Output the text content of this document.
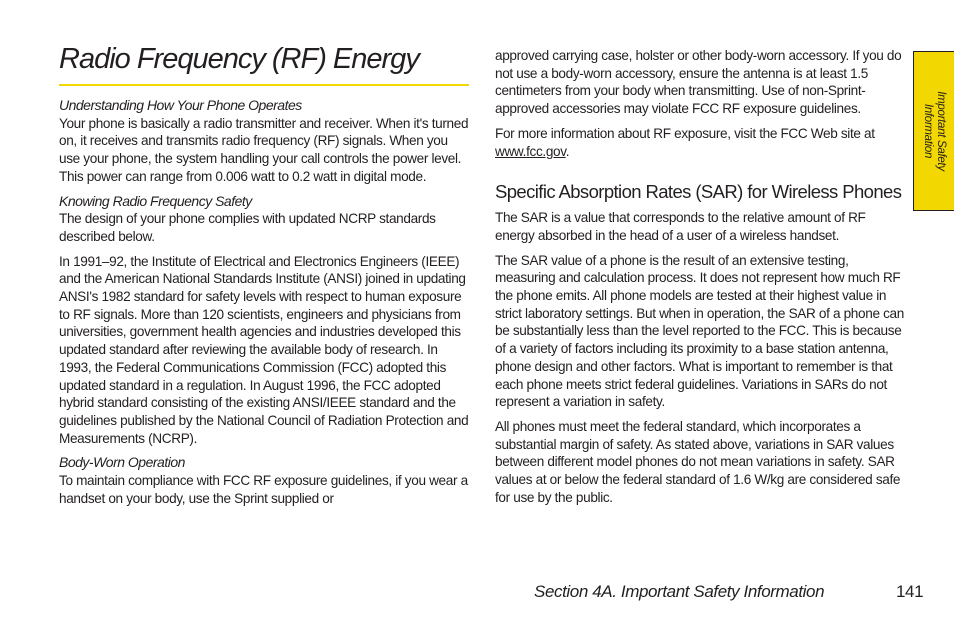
Radio Frequency (RF) Energy
Important Safety
Information
Understanding How Your Phone Operates

Your phone is basically a radio transmitter and receiver. When it's turned on, it receives and transmits radio frequency (RF) signals. When you use your phone, the system handling your call controls the power level. This power can range from 0.006 watt to 0.2 watt in digital mode.

Knowing Radio Frequency Safety

The design of your phone complies with updated NCRP standards described below.

In 1991–92, the Institute of Electrical and Electronics Engineers (IEEE) and the American National Standards Institute (ANSI) joined in updating ANSI's 1982 standard for safety levels with respect to human exposure to RF signals. More than 120 scientists, engineers and physicians from universities, government health agencies and industries developed this updated standard after reviewing the available body of research. In 1993, the Federal Communications Commission (FCC) adopted this updated standard in a regulation. In August 1996, the FCC adopted hybrid standard consisting of the existing ANSI/IEEE standard and the guidelines published by the National Council of Radiation Protection and Measurements (NCRP).

Body-Worn Operation

To maintain compliance with FCC RF exposure guidelines, if you wear a handset on your body, use the Sprint supplied or

approved carrying case, holster or other body-worn accessory. If you do not use a body-worn accessory, ensure the antenna is at least 1.5 centimeters from your body when transmitting. Use of non-Sprint-approved accessories may violate FCC RF exposure guidelines.

For more information about RF exposure, visit the FCC Web site at www.fcc.gov.

Specific Absorption Rates (SAR) for Wireless Phones

The SAR is a value that corresponds to the relative amount of RF energy absorbed in the head of a user of a wireless handset.

The SAR value of a phone is the result of an extensive testing, measuring and calculation process. It does not represent how much RF the phone emits. All phone models are tested at their highest value in strict laboratory settings. But when in operation, the SAR of a phone can be substantially less than the level reported to the FCC. This is because of a variety of factors including its proximity to a base station antenna, phone design and other factors. What is important to remember is that each phone meets strict federal guidelines. Variations in SARs do not represent a variation in safety.

All phones must meet the federal standard, which incorporates a substantial margin of safety. As stated above, variations in SAR values between different model phones do not mean variations in safety. SAR values at or below the federal standard of 1.6 W/kg are considered safe for use by the public.

Section 4A. Important Safety Information	141
